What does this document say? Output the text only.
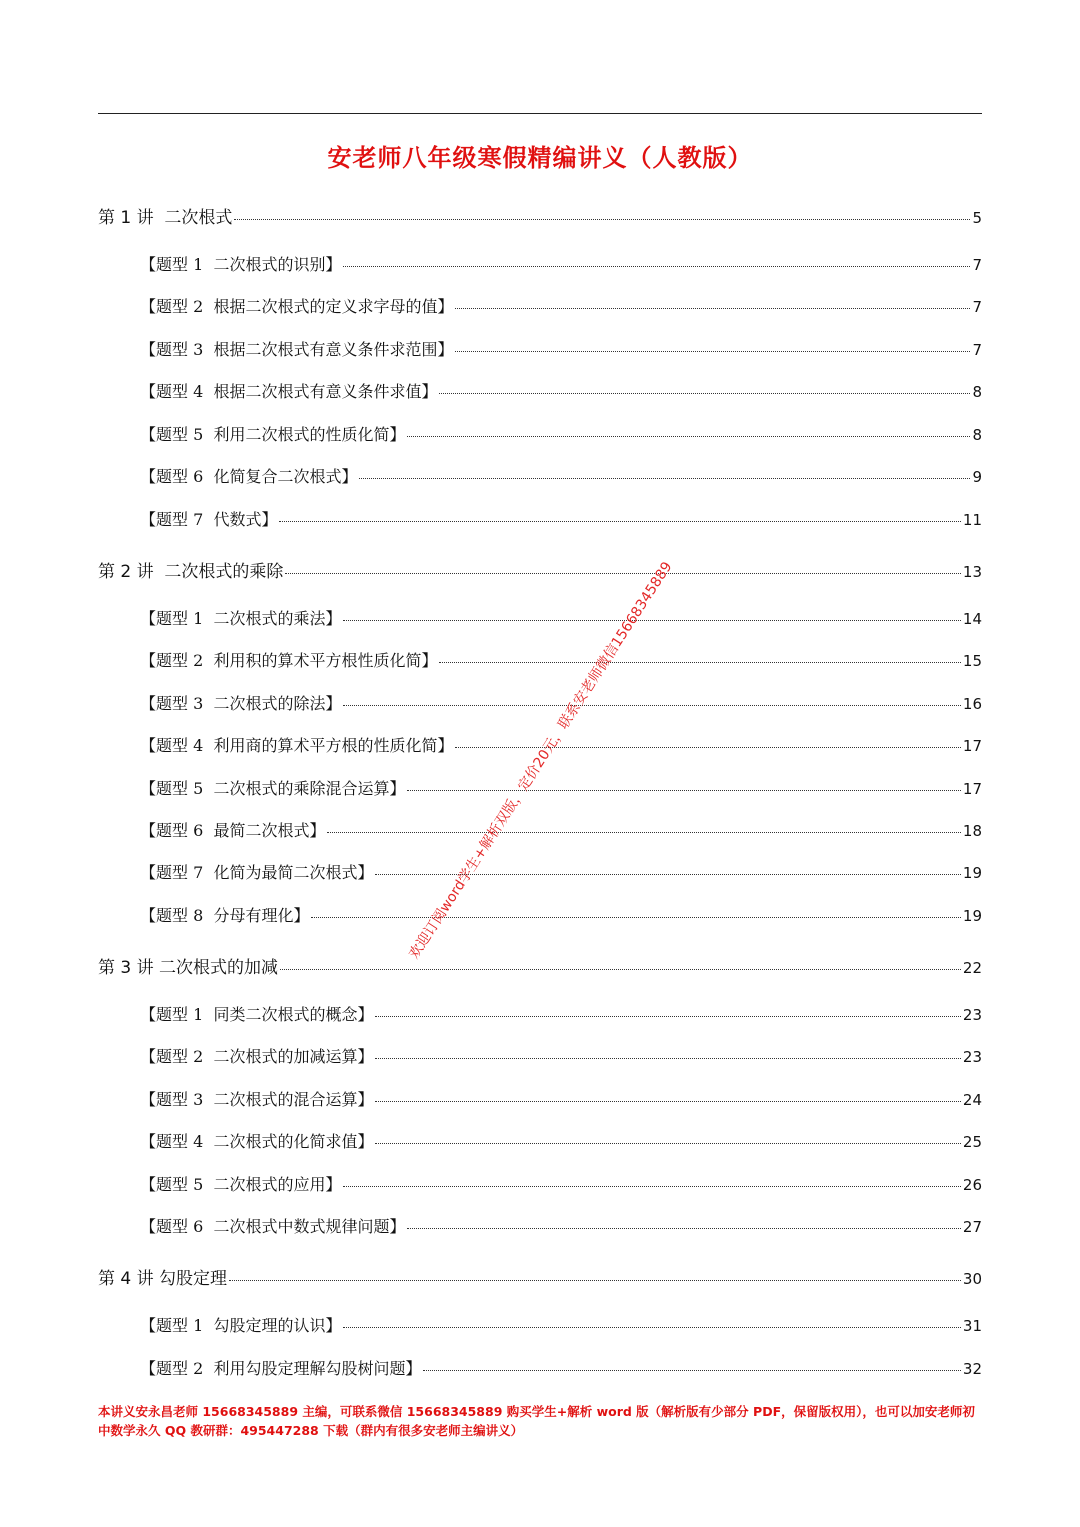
安老师八年级寒假精编讲义（人教版）
第 1 讲  二次根式	5
【题型 1  二次根式的识别】	7
【题型 2  根据二次根式的定义求字母的值】	7
【题型 3  根据二次根式有意义条件求范围】	7
【题型 4  根据二次根式有意义条件求值】	8
【题型 5  利用二次根式的性质化简】	8
【题型 6  化简复合二次根式】	9
【题型 7  代数式】	11
第 2 讲  二次根式的乘除	13
【题型 1  二次根式的乘法】	14
【题型 2  利用积的算术平方根性质化简】	15
【题型 3  二次根式的除法】	16
【题型 4  利用商的算术平方根的性质化简】	17
【题型 5  二次根式的乘除混合运算】	17
【题型 6  最简二次根式】	18
【题型 7  化简为最简二次根式】	19
【题型 8  分母有理化】	19
第 3 讲 二次根式的加减	22
【题型 1  同类二次根式的概念】	23
【题型 2  二次根式的加减运算】	23
【题型 3  二次根式的混合运算】	24
【题型 4  二次根式的化简求值】	25
【题型 5  二次根式的应用】	26
【题型 6  二次根式中数式规律问题】	27
第 4 讲 勾股定理	30
【题型 1  勾股定理的认识】	31
【题型 2  利用勾股定理解勾股树问题】	32
欢迎订阅word学生+解析双版，定价20元，联系安老师微信15668345889
本讲义安永昌老师 15668345889 主编，可联系微信 15668345889 购买学生+解析 word 版（解析版有少部分 PDF，保留版权用），也可以加安老师初中数学永久 QQ 教研群：495447288 下载（群内有很多安老师主编讲义）
